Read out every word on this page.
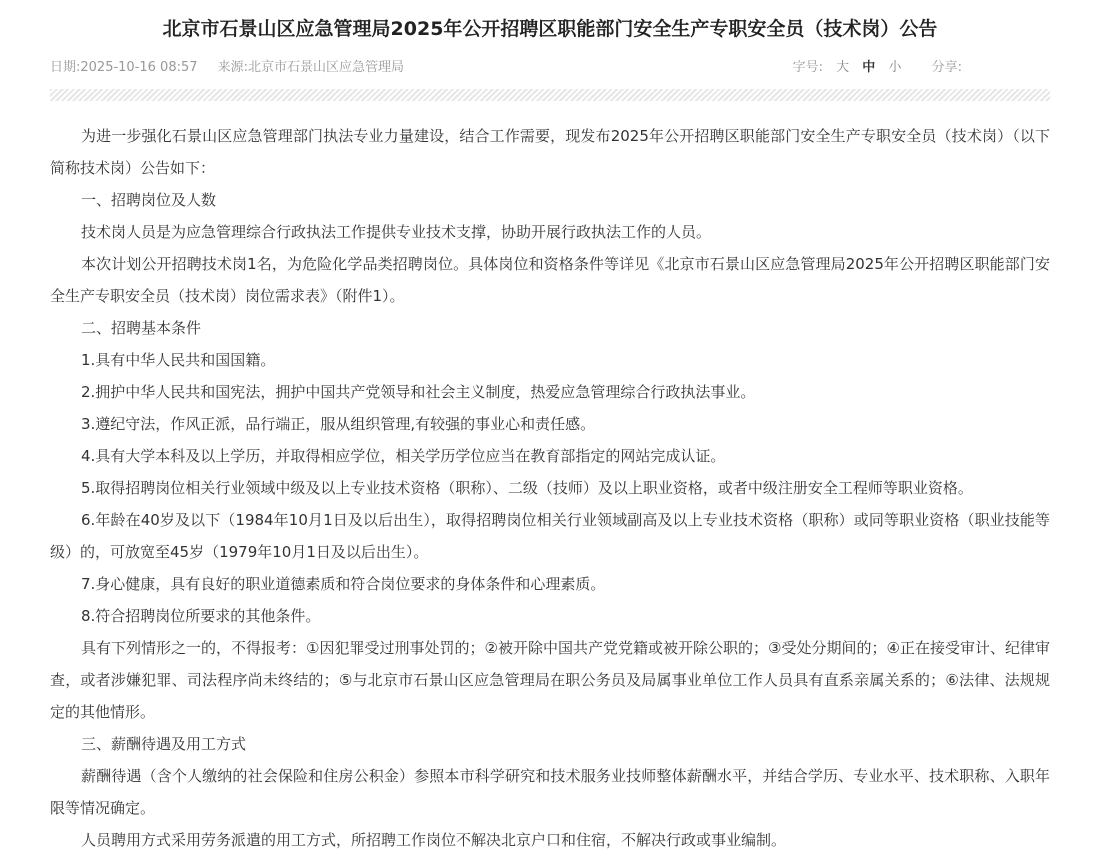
北京市石景山区应急管理局2025年公开招聘区职能部门安全生产专职安全员（技术岗）公告
日期:2025-10-16 08:57 来源:北京市石景山区应急管理局	字号: 大 中 小 分享:

为进一步强化石景山区应急管理部门执法专业力量建设，结合工作需要，现发布2025年公开招聘区职能部门安全生产专职安全员（技术岗）（以下简称技术岗）公告如下：

一、招聘岗位及人数

技术岗人员是为应急管理综合行政执法工作提供专业技术支撑，协助开展行政执法工作的人员。

本次计划公开招聘技术岗1名，为危险化学品类招聘岗位。具体岗位和资格条件等详见《北京市石景山区应急管理局2025年公开招聘区职能部门安全生产专职安全员（技术岗）岗位需求表》（附件1）。

二、招聘基本条件

1.具有中华人民共和国国籍。

2.拥护中华人民共和国宪法，拥护中国共产党领导和社会主义制度，热爱应急管理综合行政执法事业。

3.遵纪守法，作风正派，品行端正，服从组织管理,有较强的事业心和责任感。

4.具有大学本科及以上学历，并取得相应学位，相关学历学位应当在教育部指定的网站完成认证。

5.取得招聘岗位相关行业领域中级及以上专业技术资格（职称）、二级（技师）及以上职业资格，或者中级注册安全工程师等职业资格。

6.年龄在40岁及以下（1984年10月1日及以后出生），取得招聘岗位相关行业领域副高及以上专业技术资格（职称）或同等职业资格（职业技能等级）的，可放宽至45岁（1979年10月1日及以后出生）。

7.身心健康，具有良好的职业道德素质和符合岗位要求的身体条件和心理素质。

8.符合招聘岗位所要求的其他条件。

具有下列情形之一的，不得报考：①因犯罪受过刑事处罚的；②被开除中国共产党党籍或被开除公职的；③受处分期间的；④正在接受审计、纪律审查，或者涉嫌犯罪、司法程序尚未终结的；⑤与北京市石景山区应急管理局在职公务员及局属事业单位工作人员具有直系亲属关系的；⑥法律、法规规定的其他情形。

三、薪酬待遇及用工方式

薪酬待遇（含个人缴纳的社会保险和住房公积金）参照本市科学研究和技术服务业技师整体薪酬水平，并结合学历、专业水平、技术职称、入职年限等情况确定。

人员聘用方式采用劳务派遣的用工方式，所招聘工作岗位不解决北京户口和住宿，不解决行政或事业编制。
